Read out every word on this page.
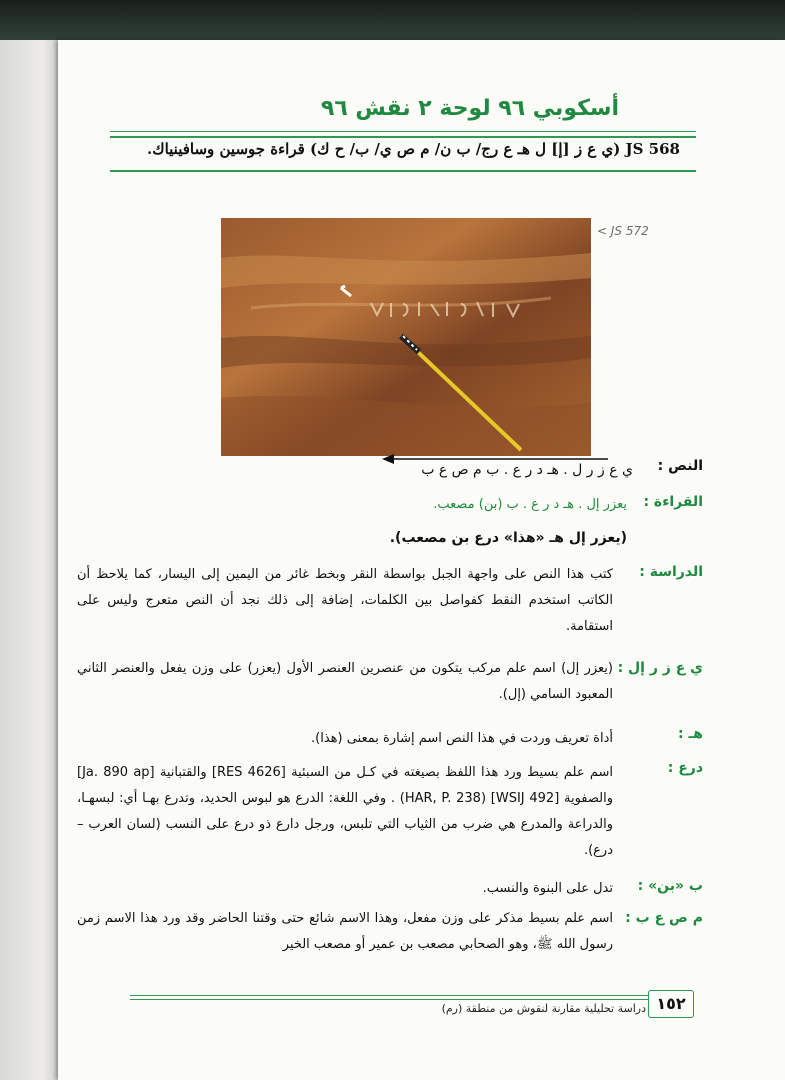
أسكوبي ٩٦ لوحة ٢ نقش ٩٦
JS 568 (ي ع ز [إ] ل هـ ع رج/ ب ن/ م ص ي/ ب/ ح ك) قراءة جوسين وسافينياك.
< JS 572
النص :
ي ع ز ر ل . هـ د ر ع . ب م ص ع ب
القراءة :
يعزر إل . هـ د ر ع . ب (بن) مصعب.
(يعزر إل هـ «هذا» درع بن مصعب).
الدراسة :
كتب هذا النص على واجهة الجبل بواسطة النقر وبخط غائر من اليمين إلى اليسار، كما يلاحظ أن الكاتب استخدم النقط كفواصل بين الكلمات، إضافة إلى ذلك نجد أن النص متعرج وليس على استقامة.
ي ع ز ر إل :
(يعزر إل) اسم علم مركب يتكون من عنصرين العنصر الأول (يعزر) على وزن يفعل والعنصر الثاني المعبود السامي (إل).
هـ :
أداة تعريف وردت في هذا النص اسم إشارة بمعنى (هذا).
درع :
اسم علم بسيط ورد هذا اللفظ بصيغته في كـل من السبئية [RES 4626] والقتبانية [Ja. 890 ap] والصفوية [WSIJ 492] (HAR, P. 238) . وفي اللغة: الدرع هو لبوس الحديد، وتدرع بهـا أي: لبسهـا، والدراعة والمدرع هي ضرب من الثياب التي تلبس، ورجل دارع ذو درع على النسب (لسان العرب – درع).
ب «بن» :
تدل على البنوة والنسب.
م ص ع ب :
اسم علم بسيط مذكر على وزن مفعل، وهذا الاسم شائع حتى وقتنا الحاضر وقد ورد هذا الاسم زمن رسول الله ﷺ، وهو الصحابي مصعب بن عمير أو مصعب الخير
دراسة تحليلية مقارنة لنقوش من منطقة (رم) ١٥٢
